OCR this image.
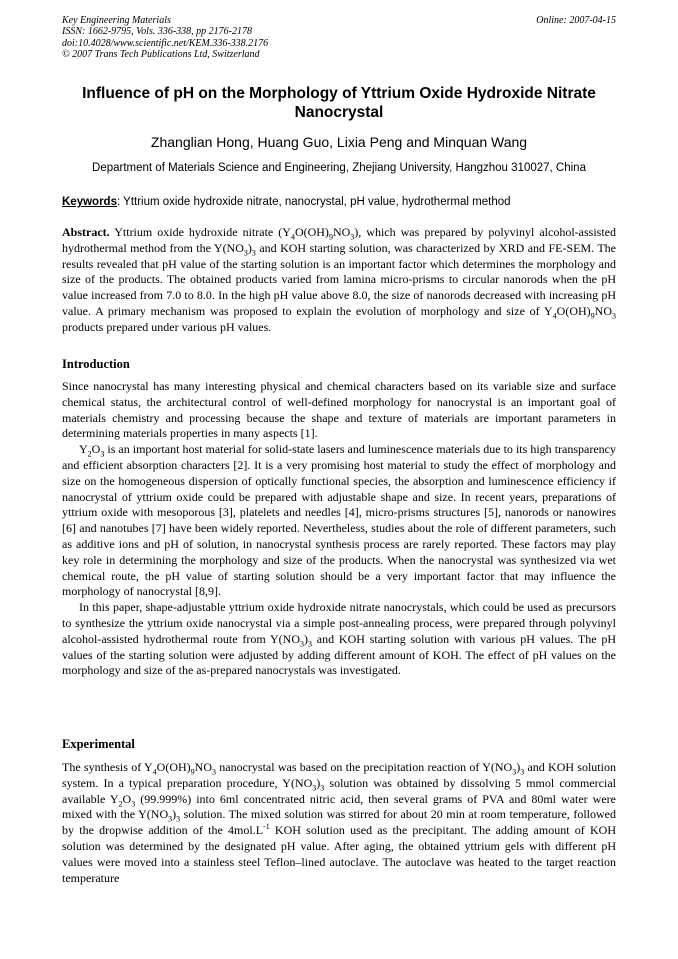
Key Engineering Materials
ISSN: 1662-9795, Vols. 336-338, pp 2176-2178
doi:10.4028/www.scientific.net/KEM.336-338.2176
© 2007 Trans Tech Publications Ltd, Switzerland
Online: 2007-04-15
Influence of pH on the Morphology of Yttrium Oxide Hydroxide Nitrate Nanocrystal
Zhanglian Hong, Huang Guo, Lixia Peng and Minquan Wang
Department of Materials Science and Engineering, Zhejiang University, Hangzhou 310027, China
Keywords: Yttrium oxide hydroxide nitrate, nanocrystal, pH value, hydrothermal method
Abstract. Yttrium oxide hydroxide nitrate $(Y_4O(OH)_9NO_3)$, which was prepared by polyvinyl alcohol-assisted hydrothermal method from the $Y(NO_3)_3$ and KOH starting solution, was characterized by XRD and FE-SEM. The results revealed that pH value of the starting solution is an important factor which determines the morphology and size of the products. The obtained products varied from lamina micro-prisms to circular nanorods when the pH value increased from 7.0 to 8.0. In the high pH value above 8.0, the size of nanorods decreased with increasing pH value. A primary mechanism was proposed to explain the evolution of morphology and size of $Y_4O(OH)_9NO_3$ products prepared under various pH values.
Introduction

Since nanocrystal has many interesting physical and chemical characters based on its variable size and surface chemical status, the architectural control of well-defined morphology for nanocrystal is an important goal of materials chemistry and processing because the shape and texture of materials are important parameters in determining materials properties in many aspects [1].

$Y_2O_3$ is an important host material for solid-state lasers and luminescence materials due to its high transparency and efficient absorption characters [2]. It is a very promising host material to study the effect of morphology and size on the homogeneous dispersion of optically functional species, the absorption and luminescence efficiency if nanocrystal of yttrium oxide could be prepared with adjustable shape and size. In recent years, preparations of yttrium oxide with mesoporous [3], platelets and needles [4], micro-prisms structures [5], nanorods or nanowires [6] and nanotubes [7] have been widely reported. Nevertheless, studies about the role of different parameters, such as additive ions and pH of solution, in nanocrystal synthesis process are rarely reported. These factors may play key role in determining the morphology and size of the products. When the nanocrystal was synthesized via wet chemical route, the pH value of starting solution should be a very important factor that may influence the morphology of nanocrystal [8,9].

In this paper, shape-adjustable yttrium oxide hydroxide nitrate nanocrystals, which could be used as precursors to synthesize the yttrium oxide nanocrystal via a simple post-annealing process, were prepared through polyvinyl alcohol-assisted hydrothermal route from $Y(NO_3)_3$ and KOH starting solution with various pH values. The pH values of the starting solution were adjusted by adding different amount of KOH. The effect of pH values on the morphology and size of the as-prepared nanocrystals was investigated.

Experimental

The synthesis of $Y_4O(OH)_9NO_3$ nanocrystal was based on the precipitation reaction of $Y(NO_3)_3$ and KOH solution system. In a typical preparation procedure, $Y(NO_3)_3$ solution was obtained by dissolving 5 mmol commercial available $Y_2O_3$ (99.999%) into 6ml concentrated nitric acid, then several grams of PVA and 80ml water were mixed with the $Y(NO_3)_3$ solution. The mixed solution was stirred for about 20 min at room temperature, followed by the dropwise addition of the $4mol.L^{-1}$ KOH solution used as the precipitant. The adding amount of KOH solution was determined by the designated pH value. After aging, the obtained yttrium gels with different pH values were moved into a stainless steel Teflon–lined autoclave. The autoclave was heated to the target reaction temperature
